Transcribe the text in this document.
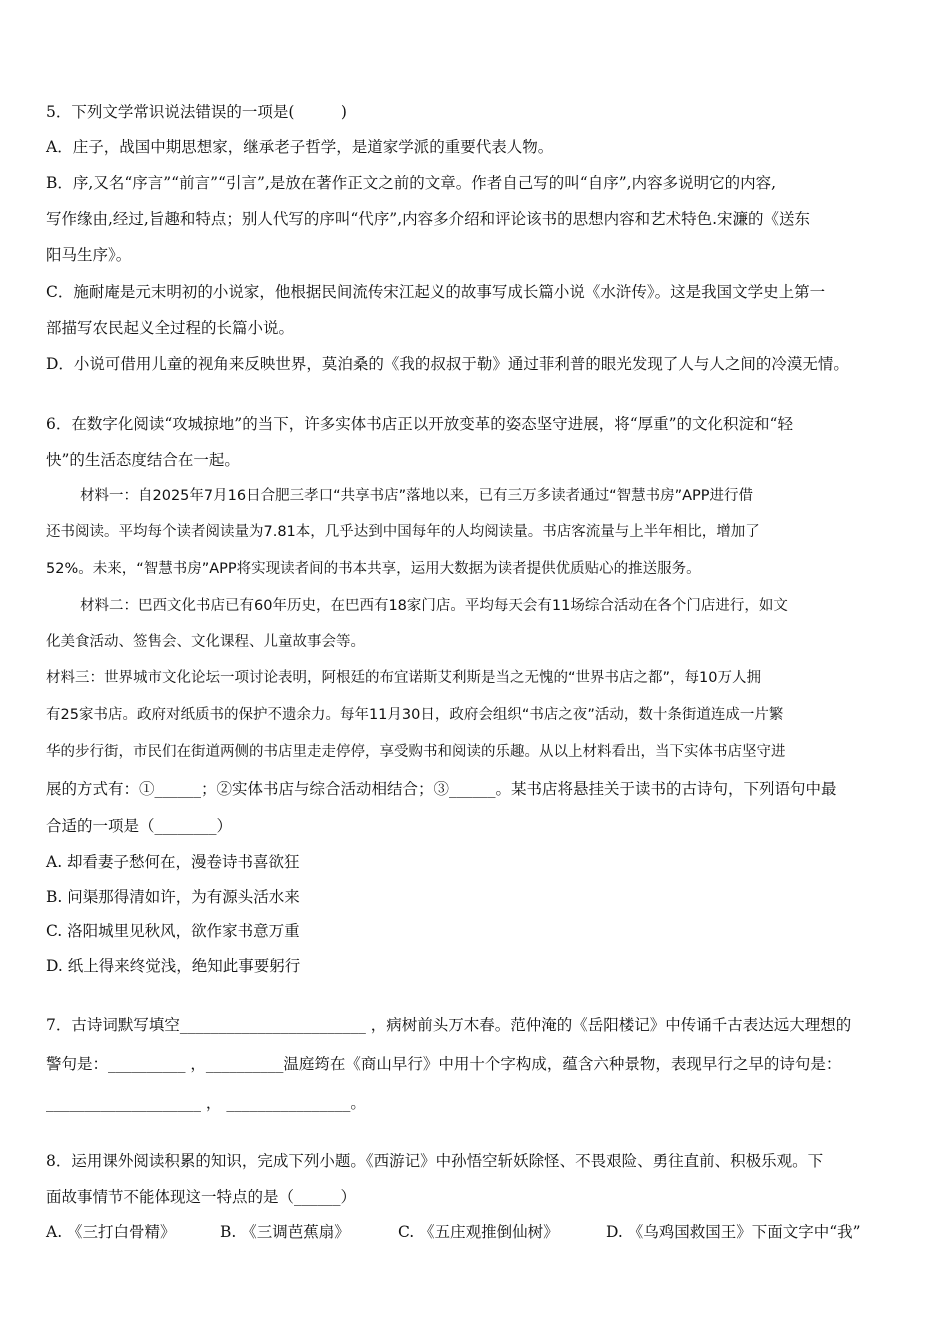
5．下列文学常识说法错误的一项是(　　　)
A．庄子，战国中期思想家，继承老子哲学，是道家学派的重要代表人物。
B．序,又名“序言”“前言”“引言”,是放在著作正文之前的文章。作者自己写的叫“自序”,内容多说明它的内容,
写作缘由,经过,旨趣和特点；别人代写的序叫“代序”,内容多介绍和评论该书的思想内容和艺术特色.宋濂的《送东
阳马生序》。
C．施耐庵是元末明初的小说家，他根据民间流传宋江起义的故事写成长篇小说《水浒传》。这是我国文学史上第一
部描写农民起义全过程的长篇小说。
D．小说可借用儿童的视角来反映世界，莫泊桑的《我的叔叔于勒》通过菲利普的眼光发现了人与人之间的冷漠无情。
6．在数字化阅读“攻城掠地”的当下，许多实体书店正以开放变革的姿态坚守进展，将“厚重”的文化积淀和“轻
快”的生活态度结合在一起。
材料一：自2025年7月16日合肥三孝口“共享书店”落地以来，已有三万多读者通过“智慧书房”APP进行借
还书阅读。平均每个读者阅读量为7.81本，几乎达到中国每年的人均阅读量。书店客流量与上半年相比，增加了
52%。未来，“智慧书房”APP将实现读者间的书本共享，运用大数据为读者提供优质贴心的推送服务。
材料二：巴西文化书店已有60年历史，在巴西有18家门店。平均每天会有11场综合活动在各个门店进行，如文
化美食活动、签售会、文化课程、儿童故事会等。
材料三：世界城市文化论坛一项讨论表明，阿根廷的布宜诺斯艾利斯是当之无愧的“世界书店之都”，每10万人拥
有25家书店。政府对纸质书的保护不遗余力。每年11月30日，政府会组织“书店之夜”活动，数十条街道连成一片繁
华的步行街，市民们在街道两侧的书店里走走停停，享受购书和阅读的乐趣。从以上材料看出，当下实体书店坚守进
展的方式有：①______；②实体书店与综合活动相结合；③______。某书店将悬挂关于读书的古诗句，下列语句中最
合适的一项是（________）
A. 却看妻子愁何在，漫卷诗书喜欲狂
B. 问渠那得清如许，为有源头活水来
C. 洛阳城里见秋风，欲作家书意万重
D. 纸上得来终觉浅，绝知此事要躬行
7．古诗词默写填空________________________ ，病树前头万木春。范仲淹的《岳阳楼记》中传诵千古表达远大理想的
警句是：__________ ，__________温庭筠在《商山早行》中用十个字构成，蕴含六种景物，表现早行之早的诗句是：
____________________ ， ________________。
8．运用课外阅读积累的知识，完成下列小题。《西游记》中孙悟空斩妖除怪、不畏艰险、勇往直前、积极乐观。下
面故事情节不能体现这一特点的是（______）
A. 《三打白骨精》	B. 《三调芭蕉扇》	C. 《五庄观推倒仙树》	D. 《乌鸡国救国王》下面文字中“我”
